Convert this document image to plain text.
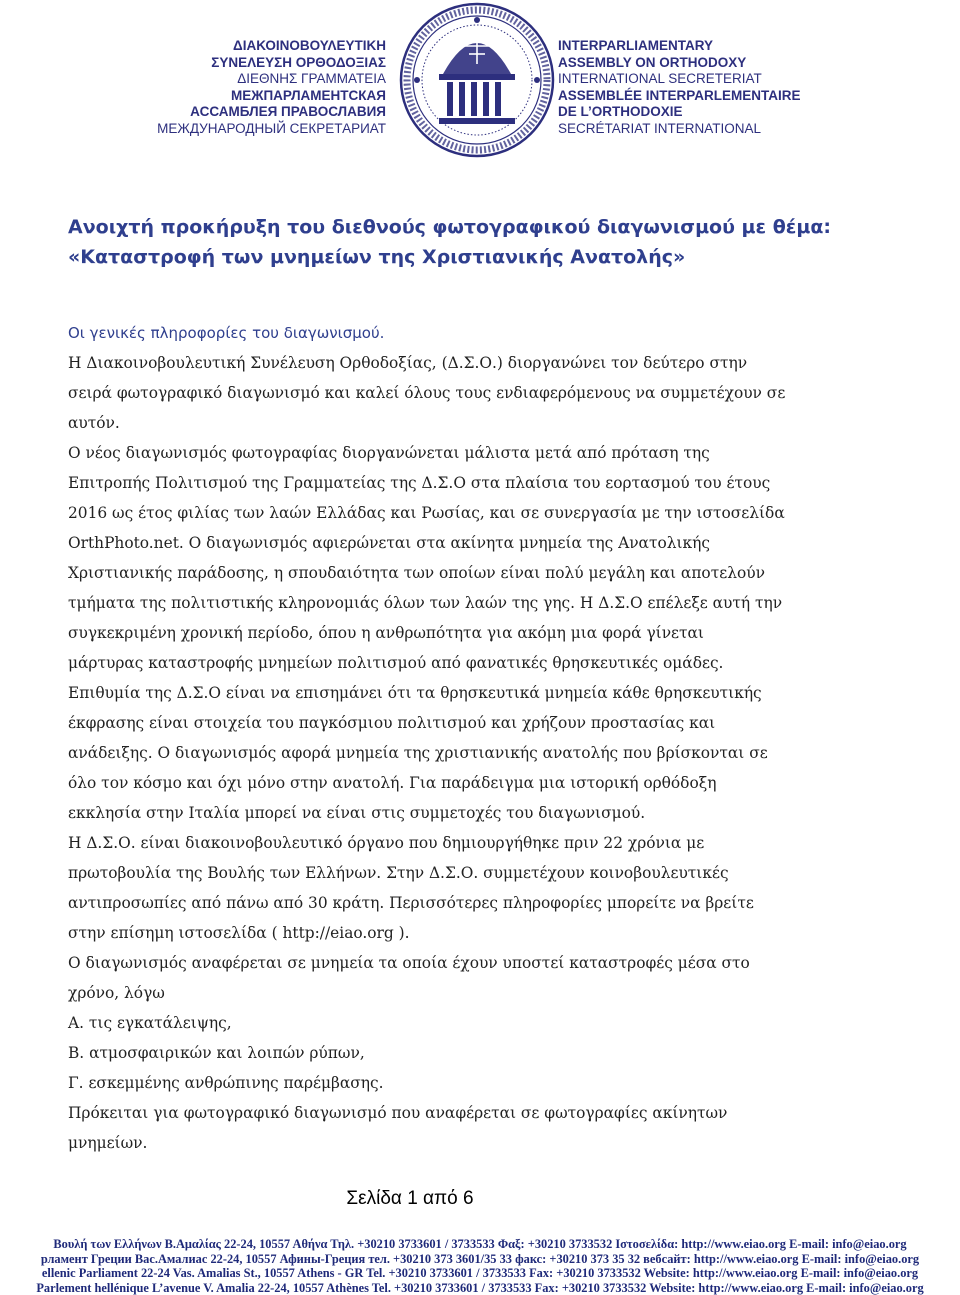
ΔΙΑΚΟΙΝΟΒΟΥΛΕΥΤΙΚΗ
ΣΥΝΕΛΕΥΣΗ ΟΡΘΟΔΟΞΙΑΣ
ΔΙΕΘΝΗΣ ΓΡΑΜΜΑΤΕΙΑ
МЕЖПАРЛАМЕНТСКАЯ
АССАМБЛЕЯ ПРАВОСЛАВИЯ
МЕЖДУНАРОДНЫЙ СЕКРЕТАРИАТ
INTERPARLIAMENTARY
ASSEMBLY ON ORTHODOXY
INTERNATIONAL SECRETERIAT
ASSEMBLÉE INTERPARLEMENTAIRE
DE L’ORTHODOXIE
SECRÉTARIAT INTERNATIONAL
Ανοιχτή προκήρυξη του διεθνούς φωτογραφικού διαγωνισμού με θέμα:
«Καταστροφή των μνημείων της Χριστιανικής Ανατολής»
Οι γενικές πληροφορίες του διαγωνισμού.
Η Διακοινοβουλευτική Συνέλευση Ορθοδοξίας, (Δ.Σ.Ο.) διοργανώνει τον δεύτερο στην
σειρά φωτογραφικό διαγωνισμό και καλεί όλους τους ενδιαφερόμενους να συμμετέχουν σε
αυτόν.
Ο νέος διαγωνισμός φωτογραφίας διοργανώνεται μάλιστα μετά από πρόταση της
Επιτροπής Πολιτισμού της Γραμματείας της Δ.Σ.Ο στα πλαίσια του εορτασμού του έτους
2016 ως έτος φιλίας των λαών Ελλάδας και Ρωσίας, και σε συνεργασία με την ιστοσελίδα
OrthPhoto.net. Ο διαγωνισμός αφιερώνεται στα ακίνητα μνημεία της Ανατολικής
Χριστιανικής παράδοσης, η σπουδαιότητα των οποίων είναι πολύ μεγάλη και αποτελούν
τμήματα της πολιτιστικής κληρονομιάς όλων των λαών της γης. Η Δ.Σ.Ο επέλεξε αυτή την
συγκεκριμένη χρονική περίοδο, όπου η ανθρωπότητα για ακόμη μια φορά γίνεται
μάρτυρας καταστροφής μνημείων πολιτισμού από φανατικές θρησκευτικές ομάδες.
Επιθυμία της Δ.Σ.Ο είναι να επισημάνει ότι τα θρησκευτικά μνημεία κάθε θρησκευτικής
έκφρασης είναι στοιχεία του παγκόσμιου πολιτισμού και χρήζουν προστασίας και
ανάδειξης. Ο διαγωνισμός αφορά μνημεία της χριστιανικής ανατολής που βρίσκονται σε
όλο τον κόσμο και όχι μόνο στην ανατολή. Για παράδειγμα μια ιστορική ορθόδοξη
εκκλησία στην Ιταλία μπορεί να είναι στις συμμετοχές του διαγωνισμού.
Η Δ.Σ.Ο. είναι διακοινοβουλευτικό όργανο που δημιουργήθηκε πριν 22 χρόνια με
πρωτοβουλία της Βουλής των Ελλήνων. Στην Δ.Σ.Ο. συμμετέχουν κοινοβουλευτικές
αντιπροσωπίες από πάνω από 30 κράτη. Περισσότερες πληροφορίες μπορείτε να βρείτε
στην επίσημη ιστοσελίδα ( http://eiao.org ).
Ο διαγωνισμός αναφέρεται σε μνημεία τα οποία έχουν υποστεί καταστροφές μέσα στο
χρόνο, λόγω
Α. τις εγκατάλειψης,
Β. ατμοσφαιρικών και λοιπών ρύπων,
Γ. εσκεμμένης ανθρώπινης παρέμβασης.
Πρόκειται για φωτογραφικό διαγωνισμό που αναφέρεται σε φωτογραφίες ακίνητων
μνημείων.
Σελίδα 1 από 6
Βουλή των Ελλήνων Β.Αμαλίας 22-24, 10557 Αθήνα Τηλ. +30210 3733601 / 3733533 Φαξ: +30210 3733532 Ιστοσελίδα: http://www.eiao.org E-mail: info@eiao.org
рламент Греции Вас.Амалиас 22-24, 10557 Афины-Греция тел. +30210 373 3601/35 33 факс: +30210 373 35 32 вебсайт: http://www.eiao.org E-mail: info@eiao.org
ellenic Parliament 22-24 Vas. Amalias St., 10557 Athens - GR Tel. +30210 3733601 / 3733533 Fax: +30210 3733532 Website: http://www.eiao.org E-mail: info@eiao.org
Parlement hellénique L’avenue V. Amalia 22-24, 10557 Athènes Tel. +30210 3733601 / 3733533 Fax: +30210 3733532 Website: http://www.eiao.org E-mail: info@eiao.org
